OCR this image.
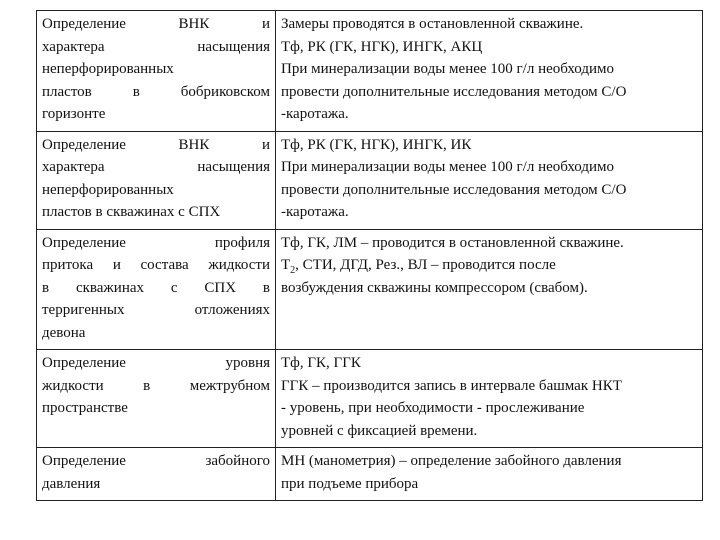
Определение ВНК и
характера насыщения
неперфорированных
пластов в бобриковском
горизонте	Замеры проводятся в остановленной скважине.
Тф, РК (ГК, НГК), ИНГК, АКЦ
При минерализации воды менее 100 г/л необходимо
провести дополнительные исследования методом С/О
-каротажа.

Определение ВНК и
характера насыщения
неперфорированных
пластов в скважинах с СПХ	Тф, РК (ГК, НГК), ИНГК, ИК
При минерализации воды менее 100 г/л необходимо
провести дополнительные исследования методом С/О
-каротажа.

Определение профиля
притока и состава жидкости
в скважинах с СПХ в
терригенных отложениях
девона	Тф, ГК, ЛМ – проводится в остановленной скважине.
$Т_2$, СТИ, ДГД, Рез., ВЛ – проводится после
возбуждения скважины компрессором (свабом).

Определение уровня
жидкости в межтрубном
пространстве	Тф, ГК, ГГК
ГГК – производится запись в интервале башмак НКТ
- уровень, при необходимости - прослеживание
уровней с фиксацией времени.

Определение забойного
давления	МН (манометрия) – определение забойного давления
при подъеме прибора
